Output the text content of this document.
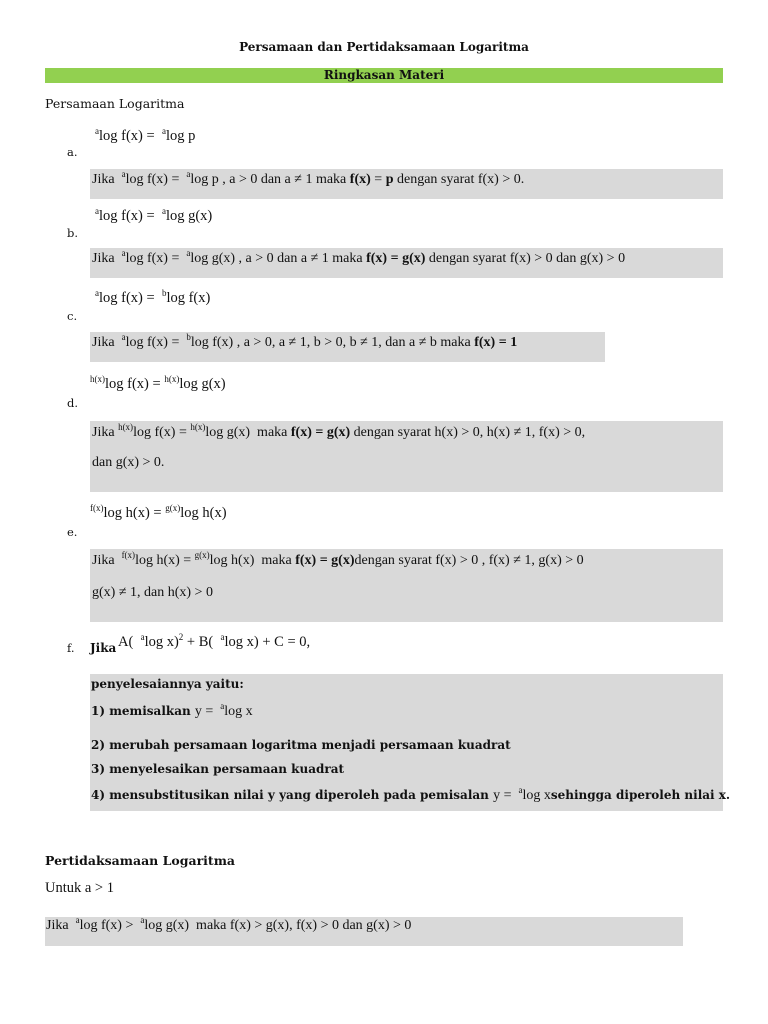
Persamaan dan Pertidaksamaan Logaritma
Ringkasan Materi
Persamaan Logaritma
$^a$log f(x) =  $^a$log p
a.
Jika  $^a$log f(x) =  $^a$log p , a > 0 dan a ≠ 1 maka f(x) = p dengan syarat f(x) > 0.
$^a$log f(x) =  $^a$log g(x)
b.
Jika  $^a$log f(x) =  $^a$log g(x) , a > 0 dan a ≠ 1 maka f(x) = g(x) dengan syarat f(x) > 0 dan g(x) > 0
$^a$log f(x) =  $^b$log f(x)
c.
Jika  $^a$log f(x) =  $^b$log f(x) , a > 0, a ≠ 1, b > 0, b ≠ 1, dan a ≠ b maka f(x) = 1
$^{h(x)}$log f(x) = $^{h(x)}$log g(x)
d.
Jika $^{h(x)}$log f(x) = $^{h(x)}$log g(x)  maka f(x) = g(x) dengan syarat h(x) > 0, h(x) ≠ 1, f(x) > 0,
dan g(x) > 0.
$^{f(x)}$log h(x) = $^{g(x)}$log h(x)
e.
Jika  $^{f(x)}$log h(x) = $^{g(x)}$log h(x)  maka f(x) = g(x)dengan syarat f(x) > 0 , f(x) ≠ 1, g(x) > 0
g(x) ≠ 1, dan h(x) > 0
f. Jika A(  $^a$log x)$^2$ + B(  $^a$log x) + C = 0,
penyelesaiannya yaitu:
1) memisalkan y =  $^a$log x
2) merubah persamaan logaritma menjadi persamaan kuadrat
3) menyelesaikan persamaan kuadrat
4) mensubstitusikan nilai y yang diperoleh pada pemisalan y =  $^a$log xsehingga diperoleh nilai x.
Pertidaksamaan Logaritma
Untuk a > 1
Jika  $^a$log f(x) >  $^a$log g(x)  maka f(x) > g(x), f(x) > 0 dan g(x) > 0
